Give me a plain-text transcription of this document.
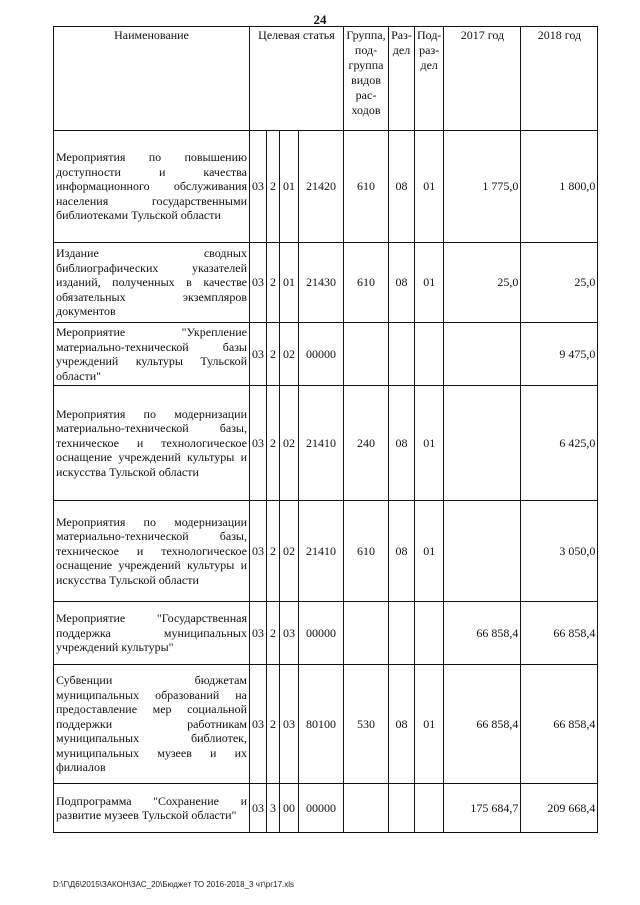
24
Наименование	Целевая статья				Группа, под-группа видов рас-ходов	Раз-дел	Под-раз-дел	2017 год	2018 год
Мероприятия по повышению доступности и качества информационного обслуживания населения государственными библиотеками Тульской области	03	2	01	21420	610	08	01	1 775,0	1 800,0
Издание сводных библиографических указателей изданий, полученных в качестве обязательных экземпляров документов	03	2	01	21430	610	08	01	25,0	25,0
Мероприятие "Укрепление материально-технической базы учреждений культуры Тульской области"	03	2	02	00000					9 475,0
Мероприятия по модернизации материально-технической базы, техническое и технологическое оснащение учреждений культуры и искусства Тульской области	03	2	02	21410	240	08	01		6 425,0
Мероприятия по модернизации материально-технической базы, техническое и технологическое оснащение учреждений культуры и искусства Тульской области	03	2	02	21410	610	08	01		3 050,0
Мероприятие "Государственная поддержка муниципальных учреждений культуры"	03	2	03	00000				66 858,4	66 858,4
Субвенции бюджетам муниципальных образований на предоставление мер социальной поддержки работникам муниципальных библиотек, муниципальных музеев и их филиалов	03	2	03	80100	530	08	01	66 858,4	66 858,4
Подпрограмма "Сохранение и развитие музеев Тульской области"	03	3	00	00000				175 684,7	209 668,4
D:\Г\Д6\2015\ЗАКОН\ЗАС_20\Бюджет ТО 2016-2018_3 чт\рг17.xls
